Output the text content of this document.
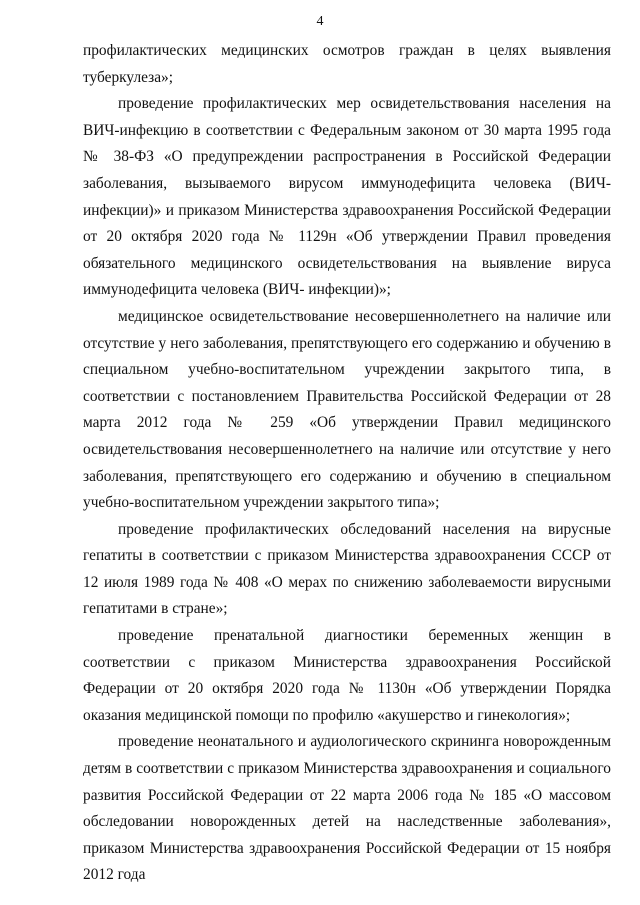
4

профилактических медицинских осмотров граждан в целях выявления туберкулеза»;

проведение профилактических мер освидетельствования населения на ВИЧ-инфекцию в соответствии с Федеральным законом от 30 марта 1995 года № 38-ФЗ «О предупреждении распространения в Российской Федерации заболевания, вызываемого вирусом иммунодефицита человека (ВИЧ-инфекции)» и приказом Министерства здравоохранения Российской Федерации от 20 октября 2020 года № 1129н «Об утверждении Правил проведения обязательного медицинского освидетельствования на выявление вируса иммунодефицита человека (ВИЧ- инфекции)»;

медицинское освидетельствование несовершеннолетнего на наличие или отсутствие у него заболевания, препятствующего его содержанию и обучению в специальном учебно-воспитательном учреждении закрытого типа, в соответствии с постановлением Правительства Российской Федерации от 28 марта 2012 года № 259 «Об утверждении Правил медицинского освидетельствования несовершеннолетнего на наличие или отсутствие у него заболевания, препятствующего его содержанию и обучению в специальном учебно-воспитательном учреждении закрытого типа»;

проведение профилактических обследований населения на вирусные гепатиты в соответствии с приказом Министерства здравоохранения СССР от 12 июля 1989 года № 408 «О мерах по снижению заболеваемости вирусными гепатитами в стране»;

проведение пренатальной диагностики беременных женщин в соответствии с приказом Министерства здравоохранения Российской Федерации от 20 октября 2020 года № 1130н «Об утверждении Порядка оказания медицинской помощи по профилю «акушерство и гинекология»;

проведение неонатального и аудиологического скрининга новорожденным детям в соответствии с приказом Министерства здравоохранения и социального развития Российской Федерации от 22 марта 2006 года № 185 «О массовом обследовании новорожденных детей на наследственные заболевания», приказом Министерства здравоохранения Российской Федерации от 15 ноября 2012 года
